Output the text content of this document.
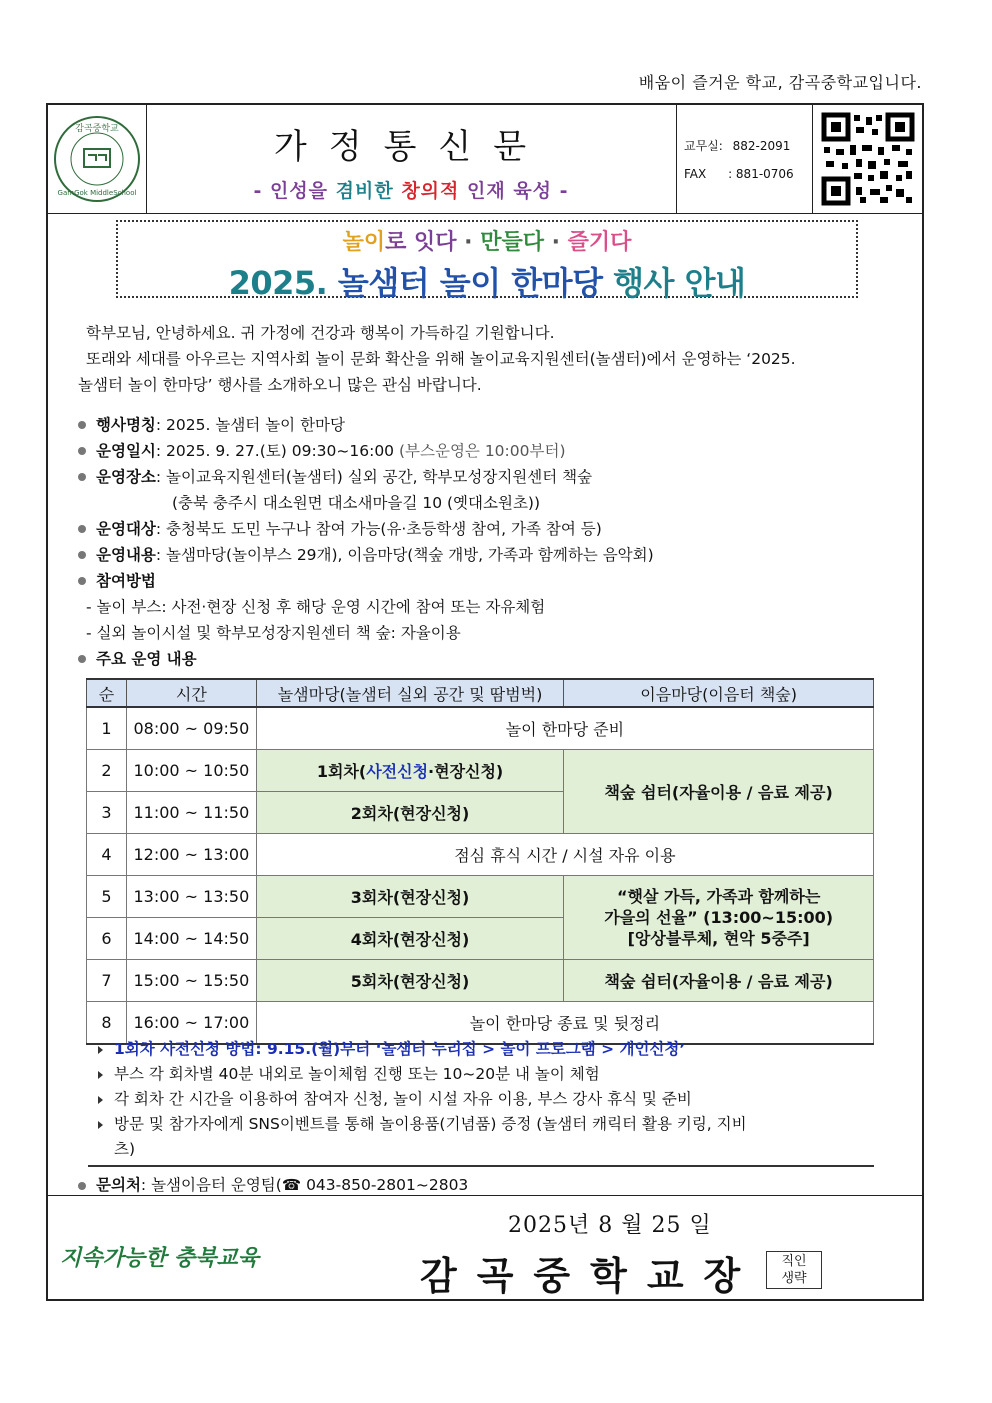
배움이 즐거운 학교, 감곡중학교입니다.
감곡중학교
GamGok MiddleSchool
가정통신문
- 인성을 겸비한 창의적 인재 육성 -
교무실: 882-2091
FAX : 881-0706
놀이로 잇다 · 만들다 · 즐기다
2025. 놀샘터 놀이 한마당 행사 안내

학부모님, 안녕하세요. 귀 가정에 건강과 행복이 가득하길 기원합니다.

또래와 세대를 아우르는 지역사회 놀이 문화 확산을 위해 놀이교육지원센터(놀샘터)에서 운영하는 ‘2025.

놀샘터 놀이 한마당’ 행사를 소개하오니 많은 관심 바랍니다.

행사명칭: 2025. 놀샘터 놀이 한마당
운영일시: 2025. 9. 27.(토) 09:30~16:00 (부스운영은 10:00부터)
운영장소: 놀이교육지원센터(놀샘터) 실외 공간, 학부모성장지원센터 책숲
(충북 충주시 대소원면 대소새마을길 10 (옛대소원초))
운영대상: 충청북도 도민 누구나 참여 가능(유·초등학생 참여, 가족 참여 등)
운영내용: 놀샘마당(놀이부스 29개), 이음마당(책숲 개방, 가족과 함께하는 음악회)
참여방법
- 놀이 부스: 사전·현장 신청 후 해당 운영 시간에 참여 또는 자유체험
- 실외 놀이시설 및 학부모성장지원센터 책 숲: 자율이용
주요 운영 내용
순	시간	놀샘마당(놀샘터 실외 공간 및 땀범벅)	이음마당(이음터 책숲)
1	08:00 ~ 09:50	놀이 한마당 준비	
2	10:00 ~ 10:50	1회차(사전신청·현장신청)	책숲 쉼터(자율이용 / 음료 제공)
3	11:00 ~ 11:50	2회차(현장신청)	
4	12:00 ~ 13:00	점심 휴식 시간 / 시설 자유 이용	
5	13:00 ~ 13:50	3회차(현장신청)	“햇살 가득, 가족과 함께하는
가을의 선율” (13:00~15:00)
[앙상블루체, 현악 5중주]

6	14:00 ~ 14:50	4회차(현장신청)	
7	15:00 ~ 15:50	5회차(현장신청)	책숲 쉼터(자율이용 / 음료 제공)
8	16:00 ~ 17:00	놀이 한마당 종료 및 뒷정리	
1회차 사전신청 방법: 9.15.(월)부터 ‘놀샘터 누리집 > 놀이 프로그램 > 개인신청’
부스 각 회차별 40분 내외로 놀이체험 진행 또는 10~20분 내 놀이 체험
각 회차 간 시간을 이용하여 참여자 신청, 놀이 시설 자유 이용, 부스 강사 휴식 및 준비
방문 및 참가자에게 SNS이벤트를 통해 놀이용품(기념품) 증정 (놀샘터 캐릭터 활용 키링, 지비
츠)
문의처: 놀샘이음터 운영팀(☎ 043-850-2801~2803
지속가능한 충북교육
2025년 8 월 25 일
감곡중학교장	직인
생략
